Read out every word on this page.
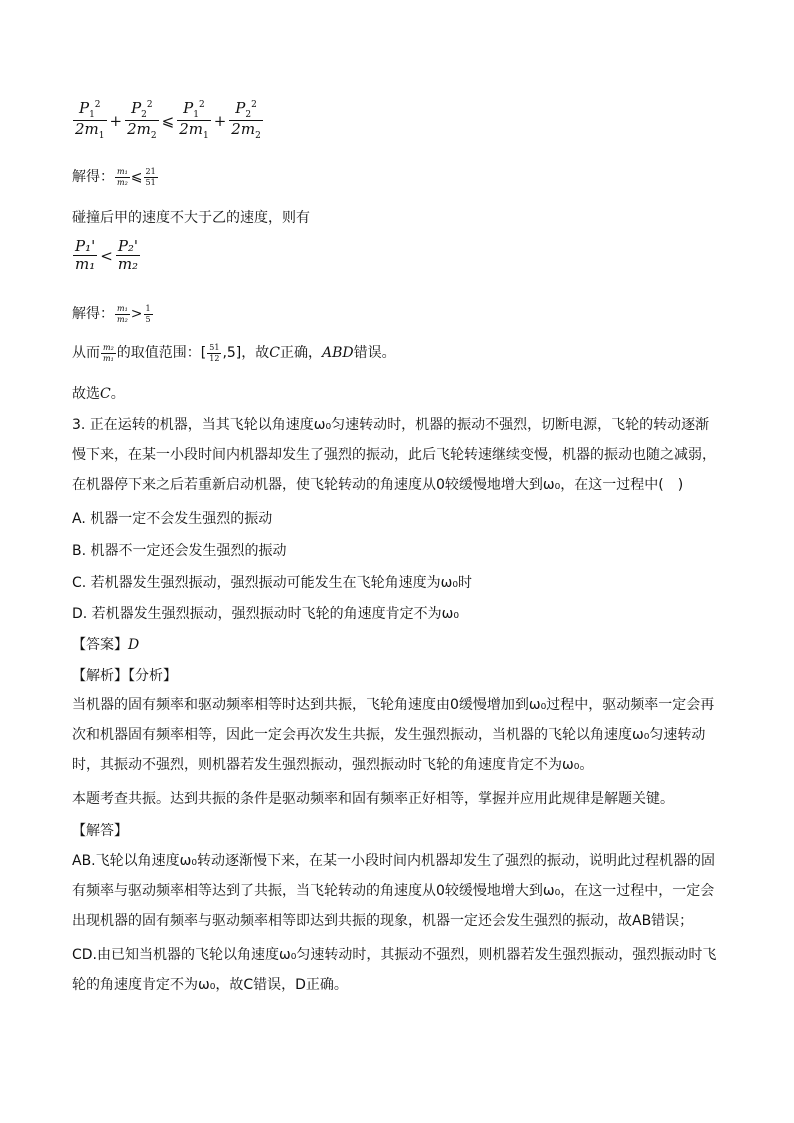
$\frac{P_1^2}{2m_1} + \frac{P_2^2}{2m_2}$ ⩽ $\frac{P_1^2}{2m_1} + \frac{P_2^2}{2m_2}$
解得： $\frac{\text{m₁}}{\text{m₂}}$ ⩽ $\frac{21}{51}$
碰撞后甲的速度不大于乙的速度，则有
$\frac{\text{P₁'}}{\text{m₁}} < \frac{\text{P₂'}}{\text{m₂}}$
解得： $\frac{\text{m₁}}{\text{m₂}} > \frac{1}{5}$
从而 $\frac{\text{m₂}}{\text{m₁}}$ 的取值范围：[ $\frac{51}{12} ,5$]，故C正确，ABD错误。
故选C。
3. 正在运转的机器，当其飞轮以角速度ω₀匀速转动时，机器的振动不强烈，切断电源，飞轮的转动逐渐慢下来，在某一小段时间内机器却发生了强烈的振动，此后飞轮转速继续变慢，机器的振动也随之减弱，在机器停下来之后若重新启动机器，使飞轮转动的角速度从0较缓慢地增大到ω₀，在这一过程中(　)
A. 机器一定不会发生强烈的振动
B. 机器不一定还会发生强烈的振动
C. 若机器发生强烈振动，强烈振动可能发生在飞轮角速度为ω₀时
D. 若机器发生强烈振动，强烈振动时飞轮的角速度肯定不为ω₀
【答案】D
【解析】【分析】
当机器的固有频率和驱动频率相等时达到共振，飞轮角速度由0缓慢增加到ω₀过程中，驱动频率一定会再次和机器固有频率相等，因此一定会再次发生共振，发生强烈振动，当机器的飞轮以角速度ω₀匀速转动时，其振动不强烈，则机器若发生强烈振动，强烈振动时飞轮的角速度肯定不为ω₀。
本题考查共振。达到共振的条件是驱动频率和固有频率正好相等，掌握并应用此规律是解题关键。
【解答】
AB.飞轮以角速度ω₀转动逐渐慢下来，在某一小段时间内机器却发生了强烈的振动，说明此过程机器的固有频率与驱动频率相等达到了共振，当飞轮转动的角速度从0较缓慢地增大到ω₀，在这一过程中，一定会出现机器的固有频率与驱动频率相等即达到共振的现象，机器一定还会发生强烈的振动，故AB错误；
CD.由已知当机器的飞轮以角速度ω₀匀速转动时，其振动不强烈，则机器若发生强烈振动，强烈振动时飞轮的角速度肯定不为ω₀，故C错误，D正确。
